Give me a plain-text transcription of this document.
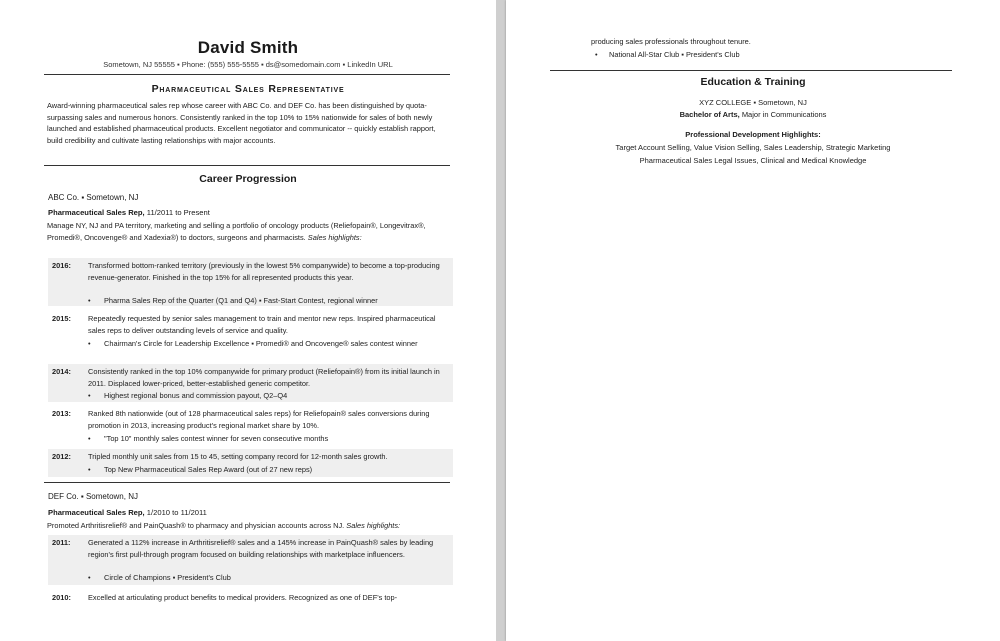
David Smith
Sometown, NJ 55555 ▪ Phone: (555) 555-5555 ▪ ds@somedomain.com ▪ LinkedIn URL
Pharmaceutical Sales Representative
Award-winning pharmaceutical sales rep whose career with ABC Co. and DEF Co. has been distinguished by quota-surpassing sales and numerous honors. Consistently ranked in the top 10% to 15% nationwide for sales of both newly launched and established pharmaceutical products. Excellent negotiator and communicator -- quickly establish rapport, build credibility and cultivate lasting relationships with major accounts.
Career Progression
ABC Co. ▪ Sometown, NJ
Pharmaceutical Sales Rep, 11/2011 to Present
Manage NY, NJ and PA territory, marketing and selling a portfolio of oncology products (Reliefopain®, Longevitrax®, Promedi®, Oncovenge® and Xadexia®) to doctors, surgeons and pharmacists. Sales highlights:
2016:	Transformed bottom-ranked territory (previously in the lowest 5% companywide) to become a top-producing revenue-generator. Finished in the top 15% for all represented products this year.
• Pharma Sales Rep of the Quarter (Q1 and Q4) ▪ Fast-Start Contest, regional winner
2015:	Repeatedly requested by senior sales management to train and mentor new reps. Inspired pharmaceutical sales reps to deliver outstanding levels of service and quality.
• Chairman's Circle for Leadership Excellence ▪ Promedi® and Oncovenge® sales contest winner
2014:	Consistently ranked in the top 10% companywide for primary product (Reliefopain®) from its initial launch in 2011. Displaced lower-priced, better-established generic competitor.
• Highest regional bonus and commission payout, Q2–Q4
2013:	Ranked 8th nationwide (out of 128 pharmaceutical sales reps) for Reliefopain® sales conversions during promotion in 2013, increasing product's regional market share by 10%.
• "Top 10" monthly sales contest winner for seven consecutive months
2012:	Tripled monthly unit sales from 15 to 45, setting company record for 12-month sales growth.
• Top New Pharmaceutical Sales Rep Award (out of 27 new reps)
DEF Co. ▪ Sometown, NJ
Pharmaceutical Sales Rep, 1/2010 to 11/2011
Promoted Arthritisrelief® and PainQuash® to pharmacy and physician accounts across NJ. Sales highlights:
2011:	Generated a 112% increase in Arthritisrelief® sales and a 145% increase in PainQuash® sales by leading region's first pull-through program focused on building relationships with marketplace influencers.
• Circle of Champions ▪ President's Club
2010:	Excelled at articulating product benefits to medical providers. Recognized as one of DEF's top-
producing sales professionals throughout tenure.
• National All-Star Club ▪ President's Club
Education & Training
XYZ COLLEGE ▪ Sometown, NJ
Bachelor of Arts, Major in Communications
Professional Development Highlights:
Target Account Selling, Value Vision Selling, Sales Leadership, Strategic Marketing
Pharmaceutical Sales Legal Issues, Clinical and Medical Knowledge
